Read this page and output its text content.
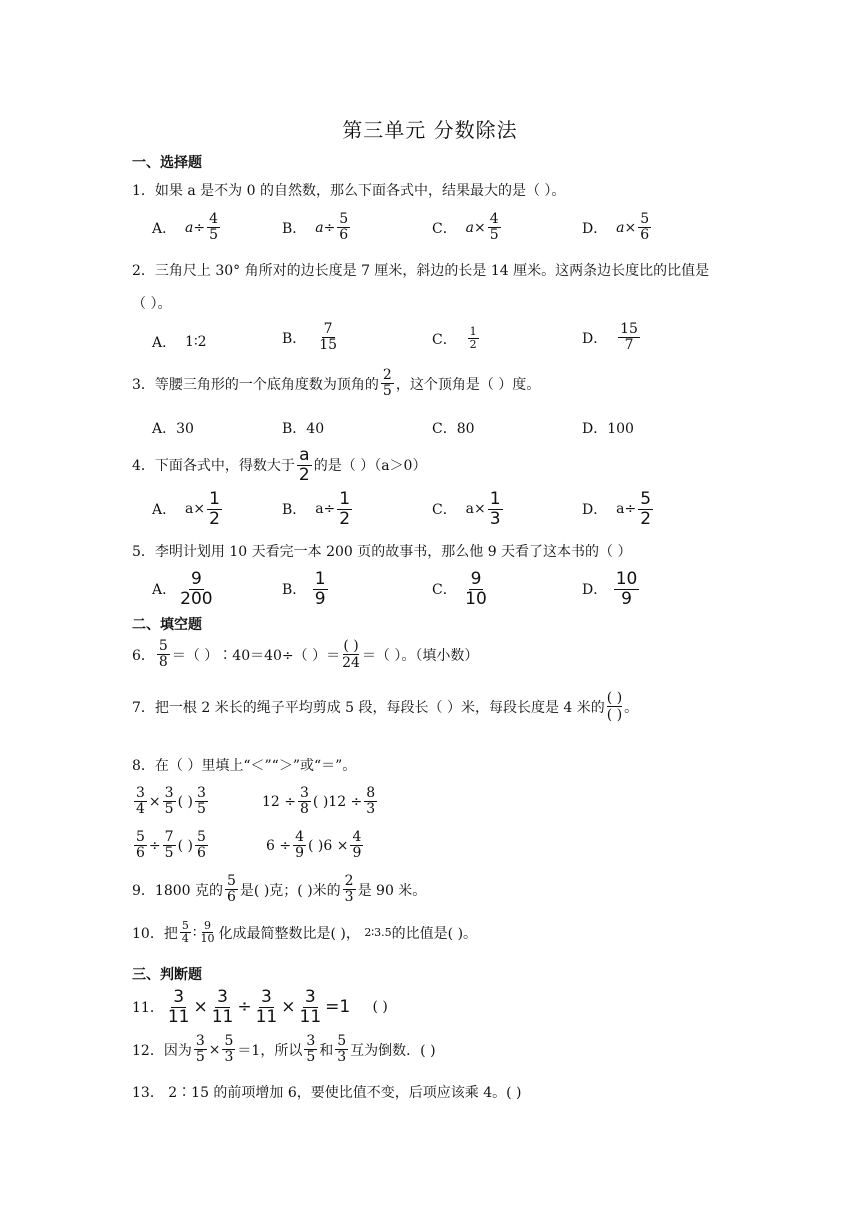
第三单元 分数除法
一、选择题
1．如果 a 是不为 0 的自然数，那么下面各式中，结果最大的是（ ）。
A．
$a \div \frac{4}{5}$	B．
$a \div \frac{5}{6}$	C．
$a \times \frac{4}{5}$	D．
$a \times \frac{5}{6}$
2．三角尺上 30° 角所对的边长度是 7 厘米，斜边的长是 14 厘米。这两条边长度比的比值是
（ ）。
A．
1∶2	B．
$\frac{7}{15}$	C．
$\frac{1}{2}$	D．
$\frac{15}{7}$
3．等腰三角形的一个底角度数为顶角的 $\frac{2}{5}$ ，这个顶角是（ ）度。
A．30	B．40	C．80	D．100
4．下面各式中，得数大于 $\frac{a}{2}$ 的是（ ）（a＞0）
A．
$a\times \frac{1}{2}$	B．
$a\div \frac{1}{2}$	C．
$a\times \frac{1}{3}$	D．
$a\div \frac{5}{2}$
5．李明计划用 10 天看完一本 200 页的故事书，那么他 9 天看了这本书的（ ）
A． $\frac{9}{200}$	B．
$\frac{1}{9}$	C．
$\frac{9}{10}$	D．
$\frac{10}{9}$
二、填空题
6． $\frac{5}{8}$ ＝（ ）∶40＝40÷（ ）＝
( )
24 ＝（ ）。（填小数）
7．把一根 2 米长的绳子平均剪成 5 段，每段长（ ）米，每段长度是 4 米的
( )
( ) 。
8．在（ ）里填上“＜”“＞”或“＝”。
$\frac{3}{4} \times \frac{3}{5}$ ( ) $\frac{3}{5}$	$12 \div \frac{3}{8}$ ( ) $12 \div \frac{8}{3}$
$\frac{5}{6} \div \frac{7}{5}$ ( ) $\frac{5}{6}$	$6 \div \frac{4}{9}$ ( ) $6 \times \frac{4}{9}$
9．1800 克的 $\frac{5}{6}$ 是( )克；( )米的 $\frac{2}{3}$ 是 90 米。
10．把 $\frac{5}{4}$ ∶ $\frac{9}{10}$ 化成最简整数比是( )，
2∶3.5 的比值是( )。
三、判断题
11． $\frac{3}{11} \times \frac{3}{11} \div \frac{3}{11} \times \frac{3}{11} =1$
( )
12．因为 $\frac{3}{5} \times \frac{5}{3} =1$，所以 $\frac{3}{5}$ 和 $\frac{5}{3}$ 互为倒数．( )
13． 2∶15 的前项增加 6，要使比值不变，后项应该乘 4。( )
